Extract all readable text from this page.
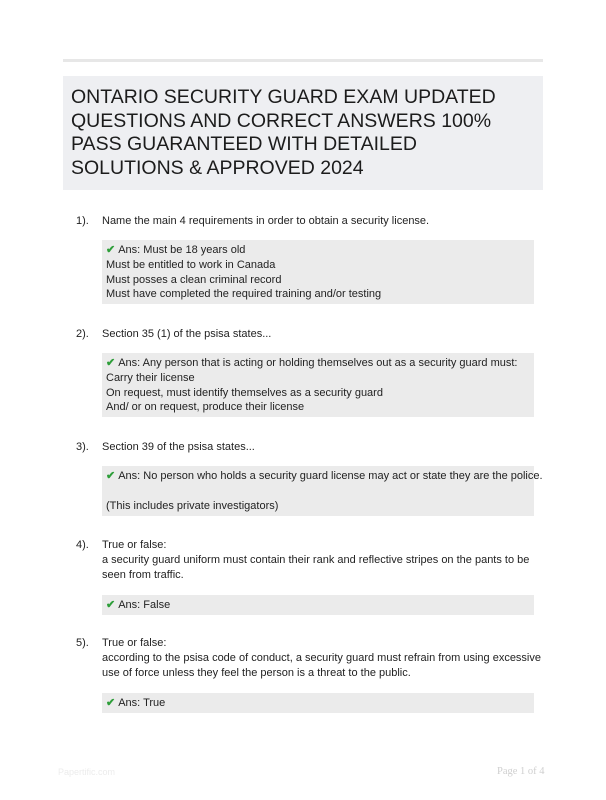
ONTARIO SECURITY GUARD EXAM UPDATED
QUESTIONS AND CORRECT ANSWERS 100%
PASS GUARANTEED WITH DETAILED
SOLUTIONS & APPROVED 2024
1). Name the main 4 requirements in order to obtain a security license.
✔ Ans: Must be 18 years old
Must be entitled to work in Canada
Must posses a clean criminal record
Must have completed the required training and/or testing
2). Section 35 (1) of the psisa states...
✔ Ans: Any person that is acting or holding themselves out as a security guard must:
Carry their license
On request, must identify themselves as a security guard
And/ or on request, produce their license
3). Section 39 of the psisa states...
✔ Ans: No person who holds a security guard license may act or state they are the police.
(This includes private investigators)
4). True or false:
a security guard uniform must contain their rank and reflective stripes on the pants to be
seen from traffic.
✔ Ans: False
5). True or false:
according to the psisa code of conduct, a security guard must refrain from using excessive
use of force unless they feel the person is a threat to the public.
✔ Ans: True
Papertific.com	Page 1 of 4
